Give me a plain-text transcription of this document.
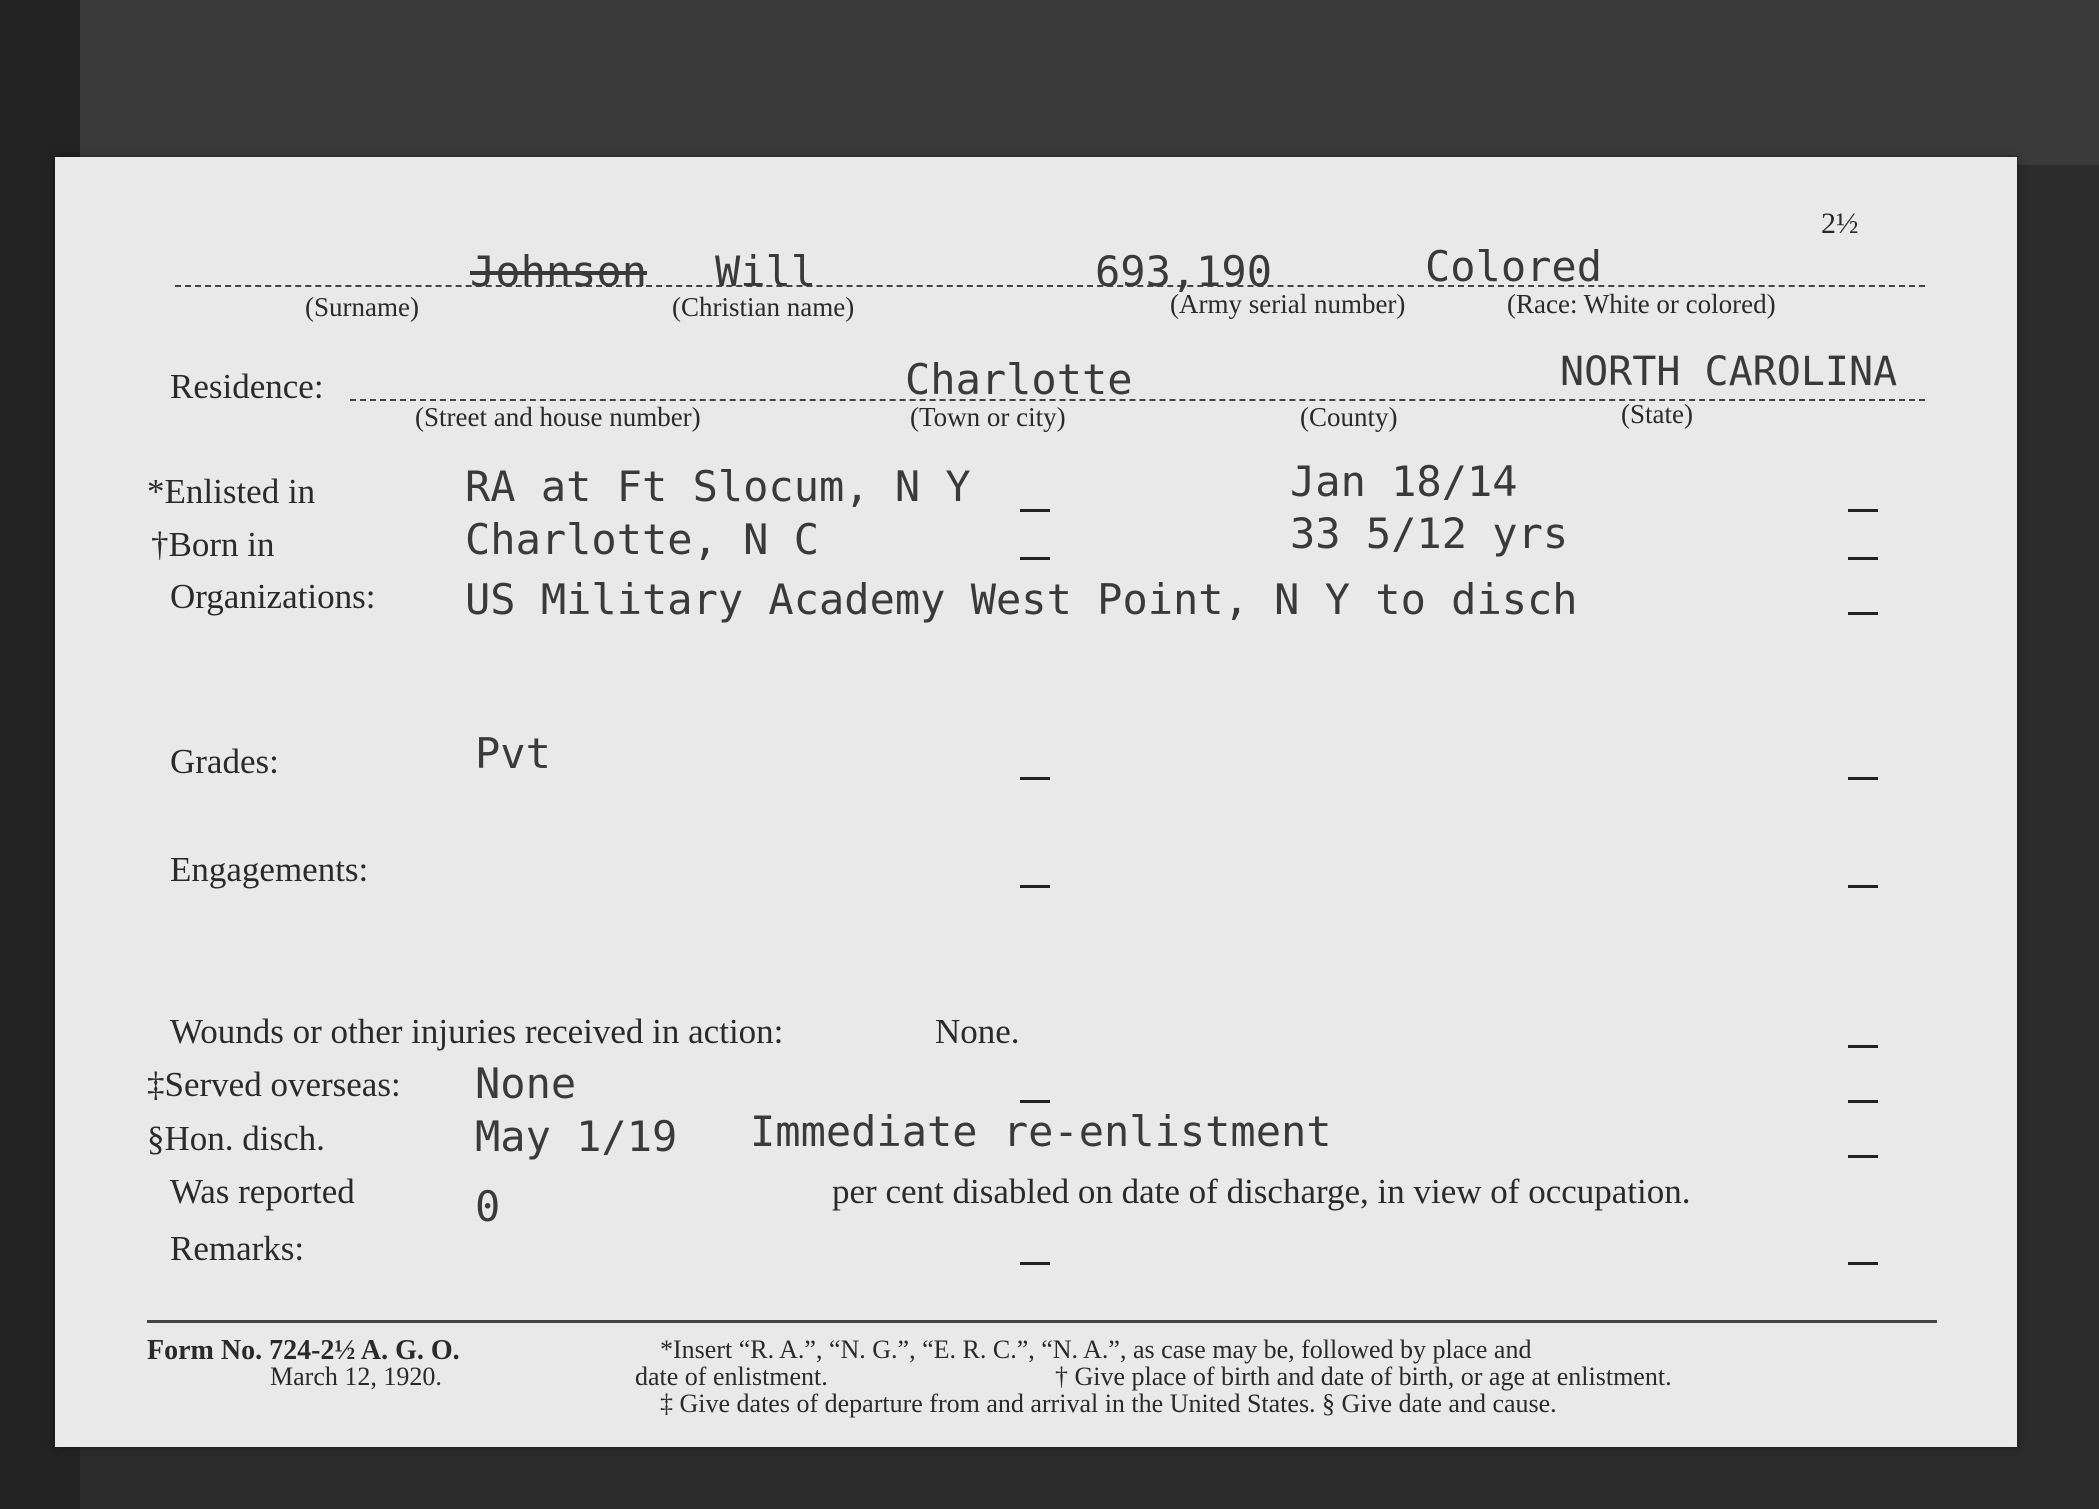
2½
Johnson Will	693,190	Colored
(Surname)	(Christian name)	(Army serial number)	(Race: White or colored)
Residence:	Charlotte	NORTH CAROLINA
(Street and house number)	(Town or city)	(County)	(State)
*Enlisted in	RA at Ft Slocum, N Y	Jan 18/14
†Born in	Charlotte, N C	33 5/12 yrs
Organizations: US Military Academy West Point, N Y to disch
Grades:	Pvt
Engagements:
Wounds or other injuries received in action:	None.
‡Served overseas: None
§Hon. disch.	May 1/19 Immediate re-enlistment
Was reported	0	per cent disabled on date of discharge, in view of occupation.
Remarks:
Form No. 724-2½ A. G. O.
March 12, 1920.
*Insert “R. A.”, “N. G.”, “E. R. C.”, “N. A.”, as case may be, followed by place and
date of enlistment.	† Give place of birth and date of birth, or age at enlistment.
‡ Give dates of departure from and arrival in the United States. § Give date and cause.
